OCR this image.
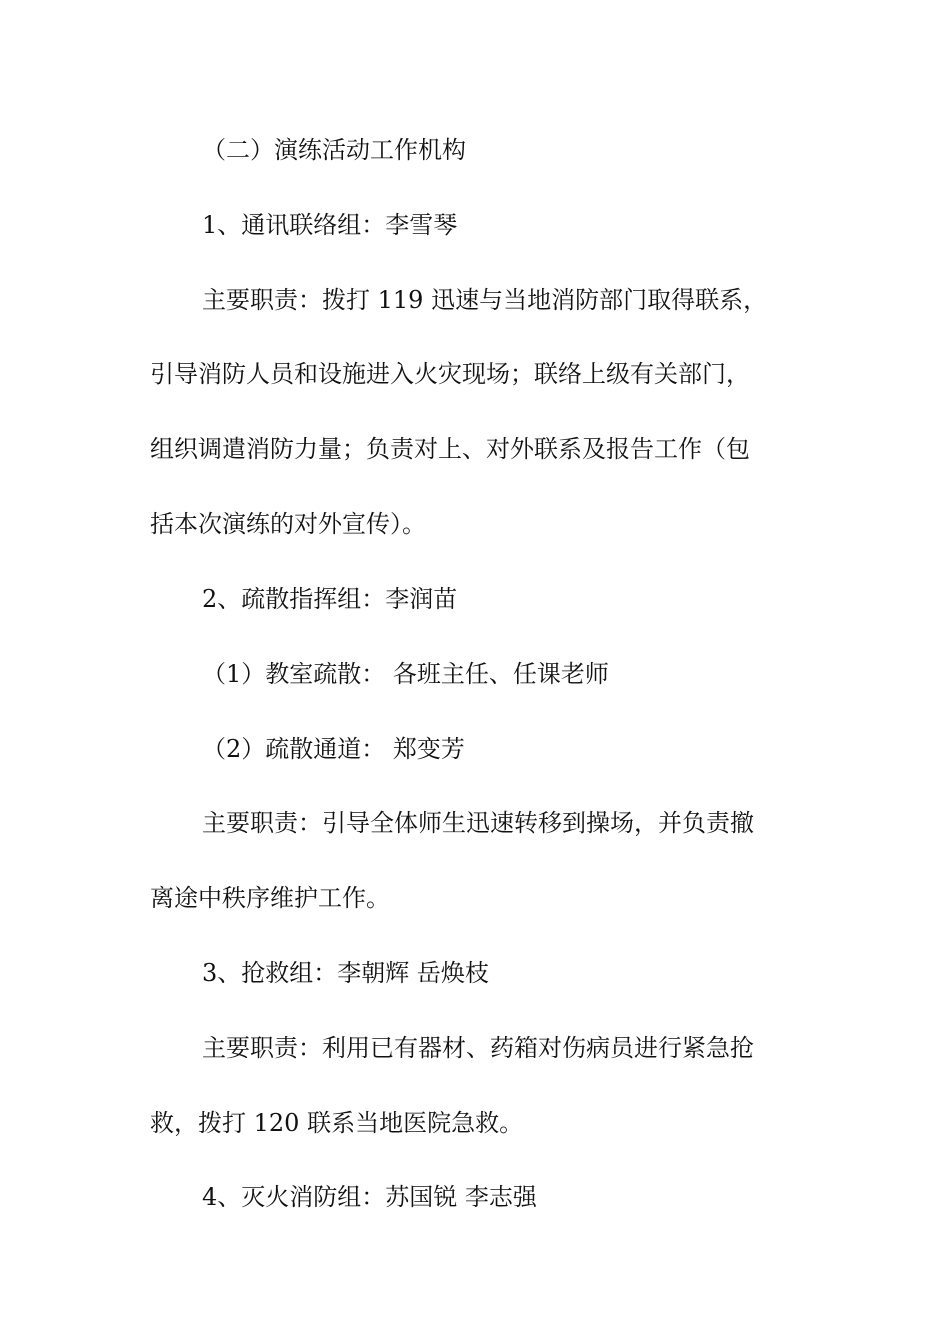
（二）演练活动工作机构
1、通讯联络组：李雪琴
主要职责：拨打 119 迅速与当地消防部门取得联系，
引导消防人员和设施进入火灾现场；联络上级有关部门，
组织调遣消防力量；负责对上、对外联系及报告工作（包
括本次演练的对外宣传）。
2、疏散指挥组：李润苗
（1）教室疏散： 各班主任、任课老师
（2）疏散通道： 郑变芳
主要职责：引导全体师生迅速转移到操场，并负责撤
离途中秩序维护工作。
3、抢救组：李朝辉 岳焕枝
主要职责：利用已有器材、药箱对伤病员进行紧急抢
救，拨打 120 联系当地医院急救。
4、灭火消防组：苏国锐 李志强
